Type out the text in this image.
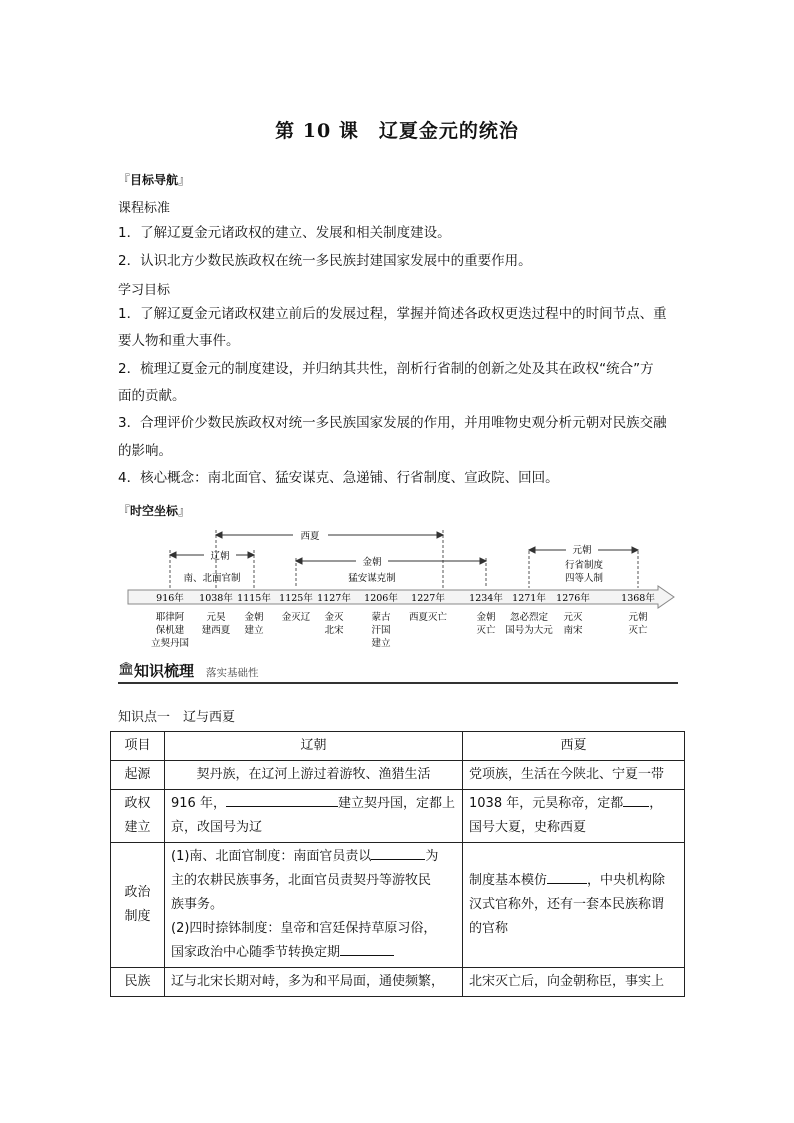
第 10 课　辽夏金元的统治
『目标导航』
课程标准
1．了解辽夏金元诸政权的建立、发展和相关制度建设。
2．认识北方少数民族政权在统一多民族封建国家发展中的重要作用。
学习目标
1．了解辽夏金元诸政权建立前后的发展过程，掌握并简述各政权更迭过程中的时间节点、重
要人物和重大事件。
2．梳理辽夏金元的制度建设，并归纳其共性，剖析行省制的创新之处及其在政权“统合”方
面的贡献。
3．合理评价少数民族政权对统一多民族国家发展的作用，并用唯物史观分析元朝对民族交融
的影响。
4．核心概念：南北面官、猛安谋克、急递铺、行省制度、宣政院、回回。
『时空坐标』
西夏
辽朝
南、北面官制
金朝
猛安谋克制
元朝
行省制度
四等人制
916年 1038年 1115年 1125年 1127年 1206年 1227年	1234年 1271年 1276年	1368年
耶律阿
保机建
立契丹国
元昊
建西夏
金朝
建立
金灭辽 金灭
北宋
蒙古
汗国
建立
西夏灭亡	金朝
灭亡
忽必烈定
国号为大元
元灭
南宋
元朝
灭亡
🏛 知识梳理 落实基础性
知识点一　辽与西夏
项目	辽朝	西夏
起源	契丹族，在辽河上游过着游牧、渔猎生活	党项族，生活在今陕北、宁夏一带
政权
建立	916 年， 建立契丹国，定都上
京，改国号为辽	1038 年，元昊称帝，定都 ，
国号大夏，史称西夏
政治
制度	(1)南、北面官制度：南面官员责以 为
主的农耕民族事务，北面官员责契丹等游牧民
族事务。
(2)四时捺钵制度：皇帝和宫廷保持草原习俗，
国家政治中心随季节转换定期	制度基本模仿 ，中央机构除
汉式官称外，还有一套本民族称谓
的官称
民族	辽与北宋长期对峙，多为和平局面，通使频繁，	北宋灭亡后，向金朝称臣，事实上
